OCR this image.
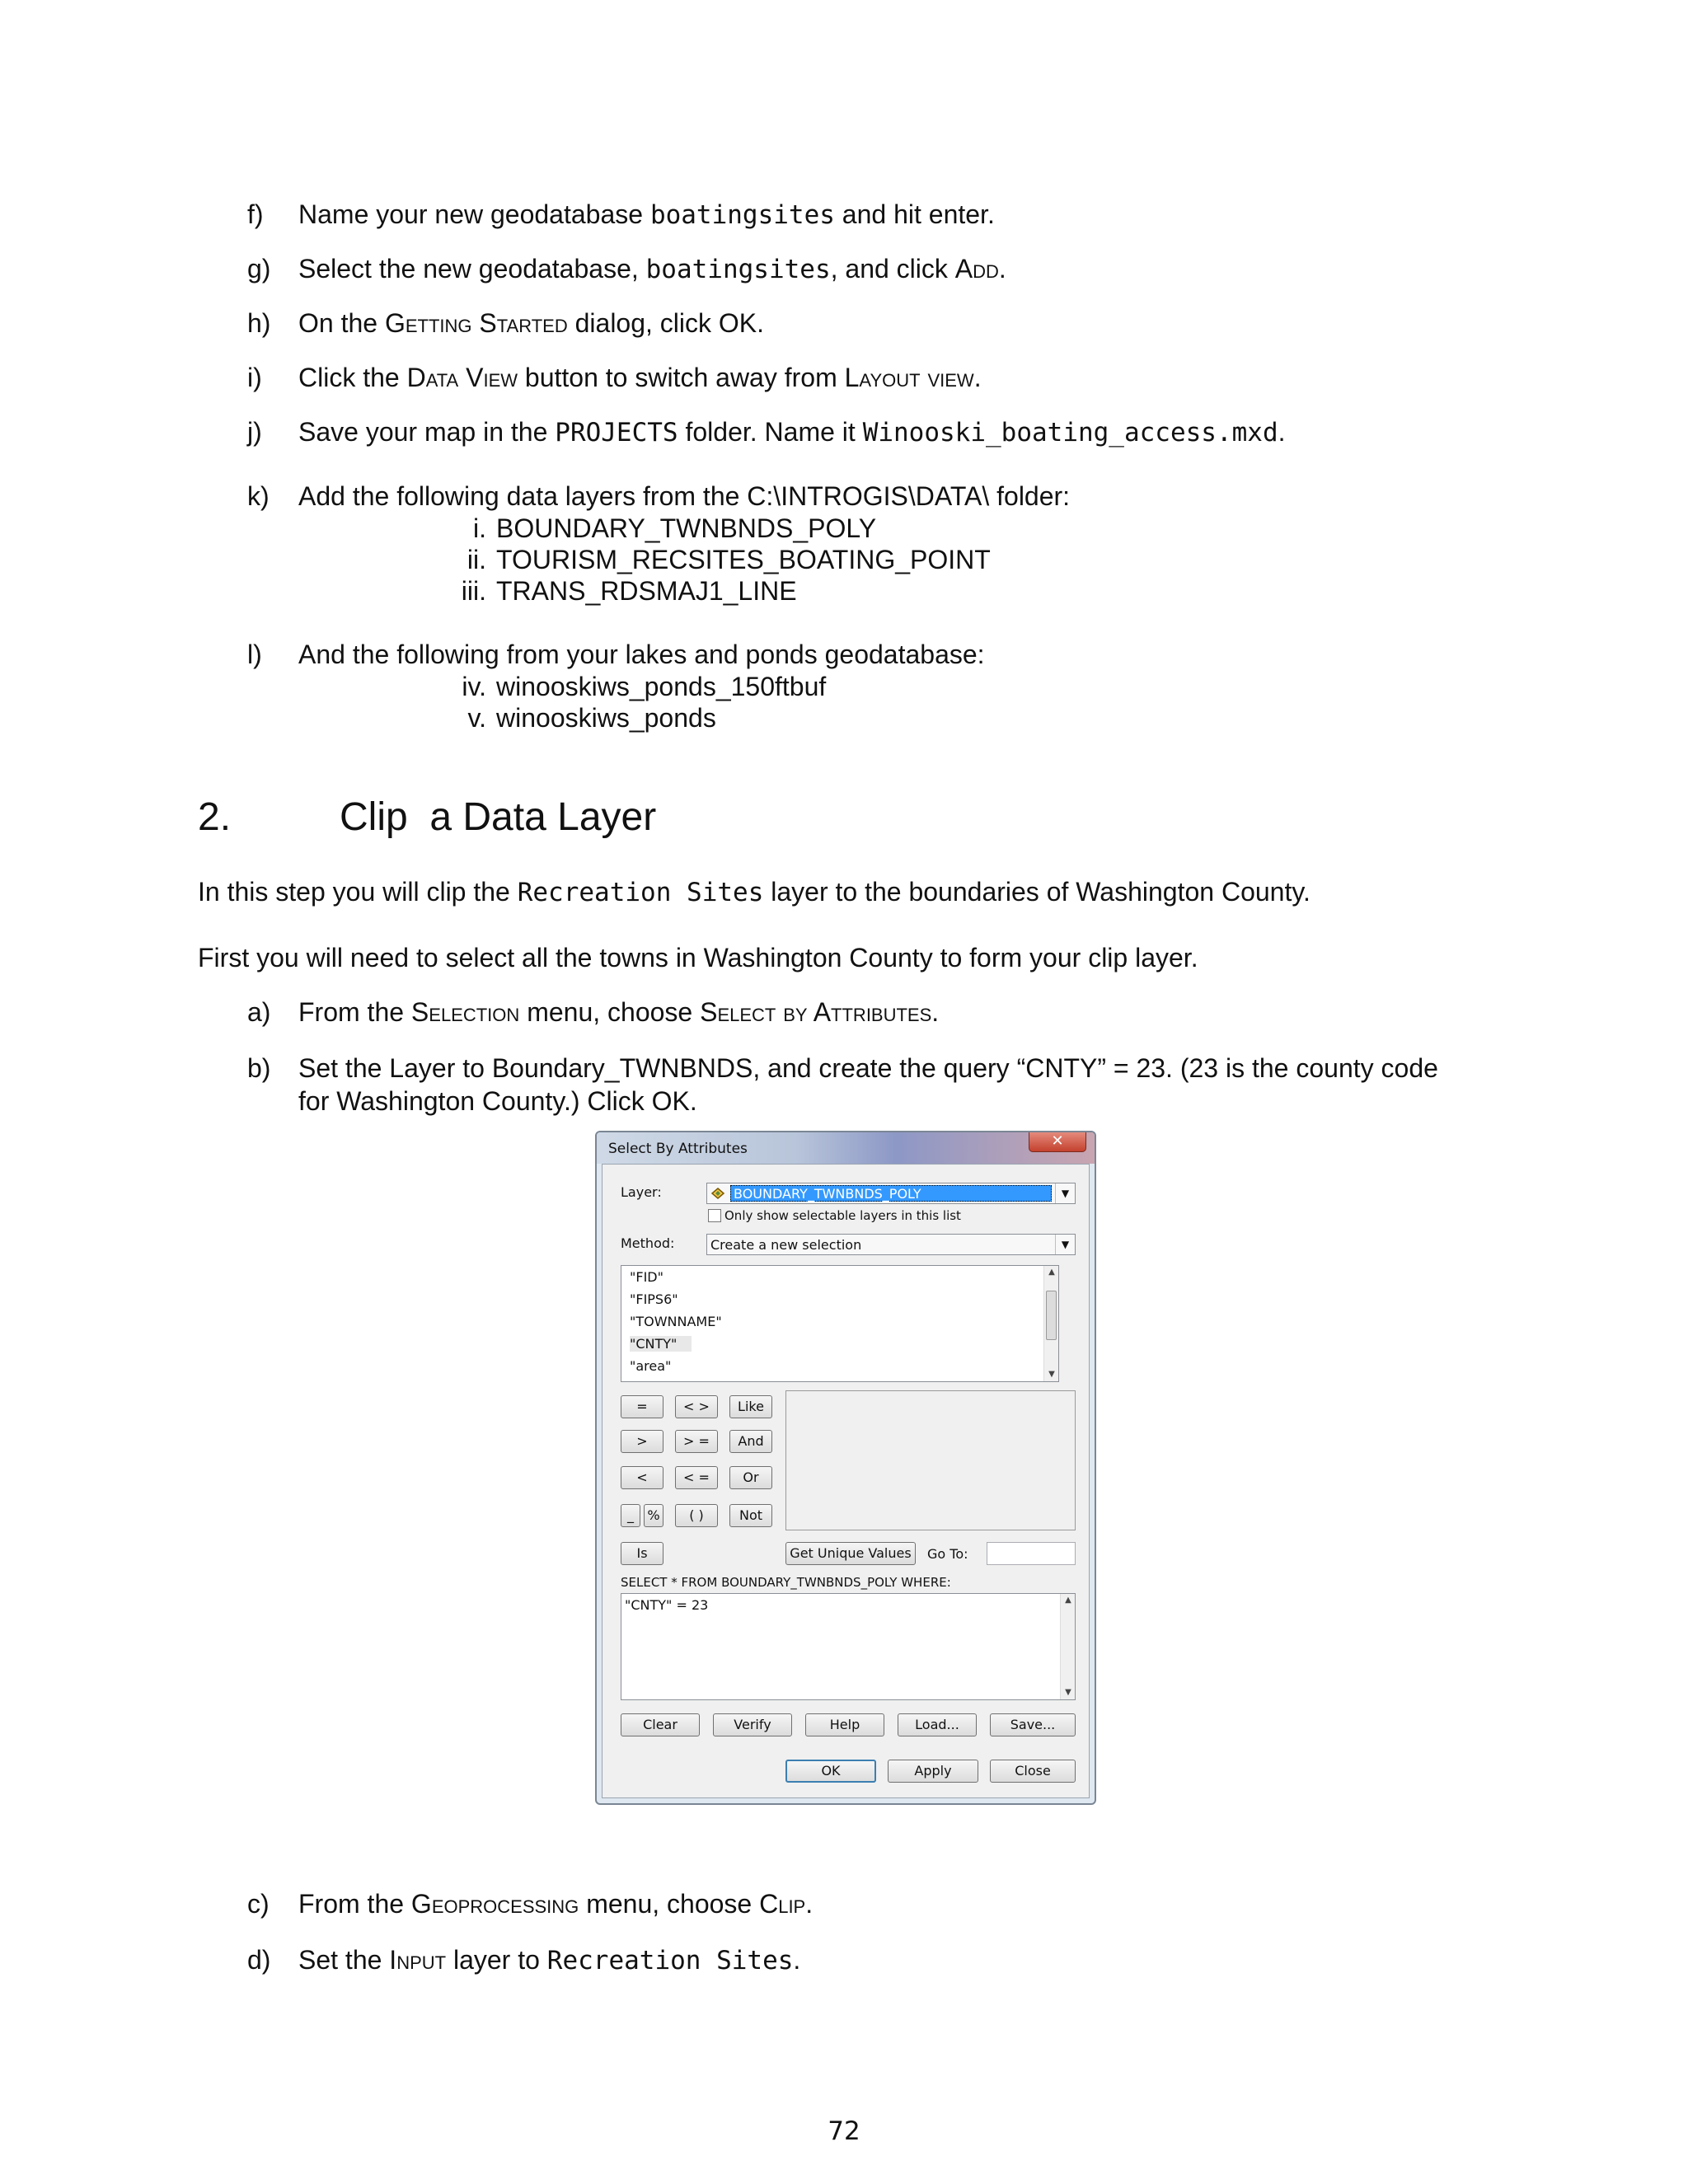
f)	Name your new geodatabase boatingsites and hit enter.
g)	Select the new geodatabase, boatingsites, and click Add.
h)	On the Getting Started dialog, click OK.
i)	Click the Data View button to switch away from Layout view.
j)	Save your map in the PROJECTS folder. Name it Winooski_boating_access.mxd.
k)	Add the following data layers from the C:\INTROGIS\DATA\ folder:
i. BOUNDARY_TWNBNDS_POLY
ii. TOURISM_RECSITES_BOATING_POINT
iii. TRANS_RDSMAJ1_LINE
l)	And the following from your lakes and ponds geodatabase:
iv. winooskiws_ponds_150ftbuf
v. winooskiws_ponds
2.	Clip  a Data Layer
In this step you will clip the Recreation Sites layer to the boundaries of Washington County.
First you will need to select all the towns in Washington County to form your clip layer.
a)	From the Selection menu, choose Select by Attributes.
b)	Set the Layer to Boundary_TWNBNDS, and create the query “CNTY” = 23. (23 is the county code
for Washington County.) Click OK.
Select By Attributes	✕
Layer:	BOUNDARY_TWNBNDS_POLY	▼
Only show selectable layers in this list
Method:	Create a new selection	▼
"FID"
"FIPS6"
"TOWNNAME"
"CNTY"
"area"
▲
▼
=	< >	Like
>	> =	And
<	< =	Or
_	%	( )	Not
Is	Get Unique Values	Go To:
SELECT * FROM BOUNDARY_TWNBNDS_POLY WHERE:
"CNTY" = 23	▲
▼
Clear	Verify	Help	Load...	Save...
OK	Apply	Close
c)	From the Geoprocessing menu, choose Clip.
d)	Set the Input layer to Recreation Sites.
72
